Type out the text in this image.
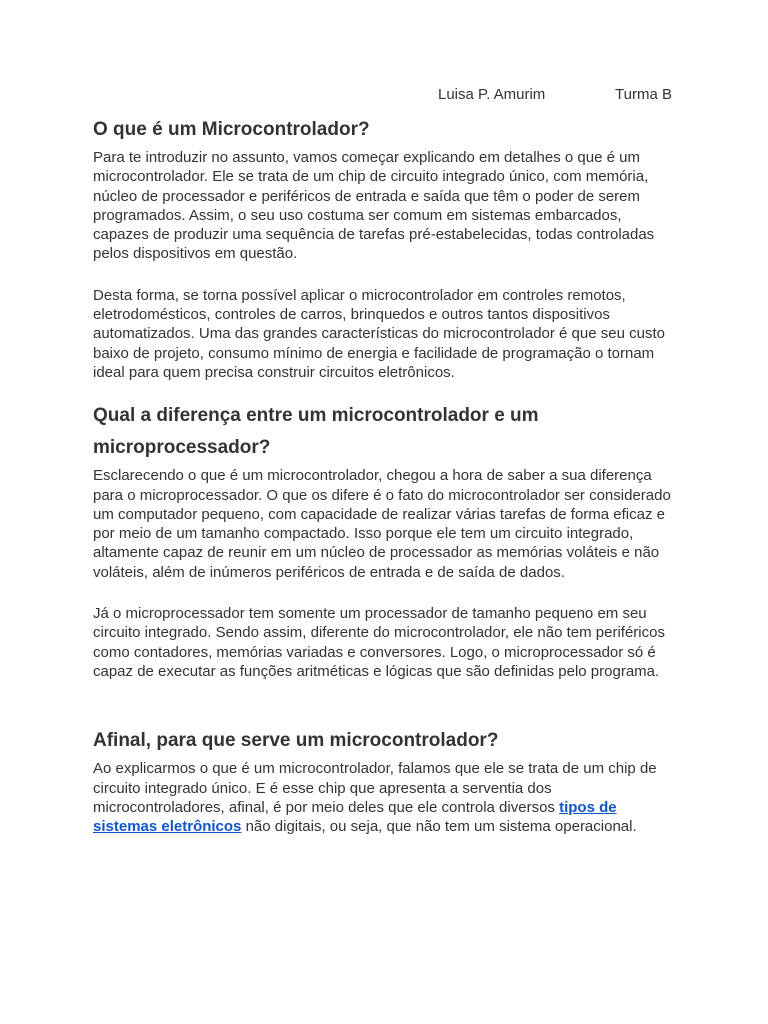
Luisa P. Amurim	Turma B
O que é um Microcontrolador?

Para te introduzir no assunto, vamos começar explicando em detalhes o que é um microcontrolador. Ele se trata de um chip de circuito integrado único, com memória, núcleo de processador e periféricos de entrada e saída que têm o poder de serem programados. Assim, o seu uso costuma ser comum em sistemas embarcados, capazes de produzir uma sequência de tarefas pré-estabelecidas, todas controladas pelos dispositivos em questão.

Desta forma, se torna possível aplicar o microcontrolador em controles remotos, eletrodomésticos, controles de carros, brinquedos e outros tantos dispositivos automatizados. Uma das grandes características do microcontrolador é que seu custo baixo de projeto, consumo mínimo de energia e facilidade de programação o tornam ideal para quem precisa construir circuitos eletrônicos.

Qual a diferença entre um microcontrolador e um microprocessador?

Esclarecendo o que é um microcontrolador, chegou a hora de saber a sua diferença para o microprocessador. O que os difere é o fato do microcontrolador ser considerado um computador pequeno, com capacidade de realizar várias tarefas de forma eficaz e por meio de um tamanho compactado. Isso porque ele tem um circuito integrado, altamente capaz de reunir em um núcleo de processador as memórias voláteis e não voláteis, além de inúmeros periféricos de entrada e de saída de dados.

Já o microprocessador tem somente um processador de tamanho pequeno em seu circuito integrado. Sendo assim, diferente do microcontrolador, ele não tem periféricos como contadores, memórias variadas e conversores. Logo, o microprocessador só é capaz de executar as funções aritméticas e lógicas que são definidas pelo programa.

Afinal, para que serve um microcontrolador?

Ao explicarmos o que é um microcontrolador, falamos que ele se trata de um chip de circuito integrado único. E é esse chip que apresenta a serventia dos microcontroladores, afinal, é por meio deles que ele controla diversos tipos de sistemas eletrônicos não digitais, ou seja, que não tem um sistema operacional.
